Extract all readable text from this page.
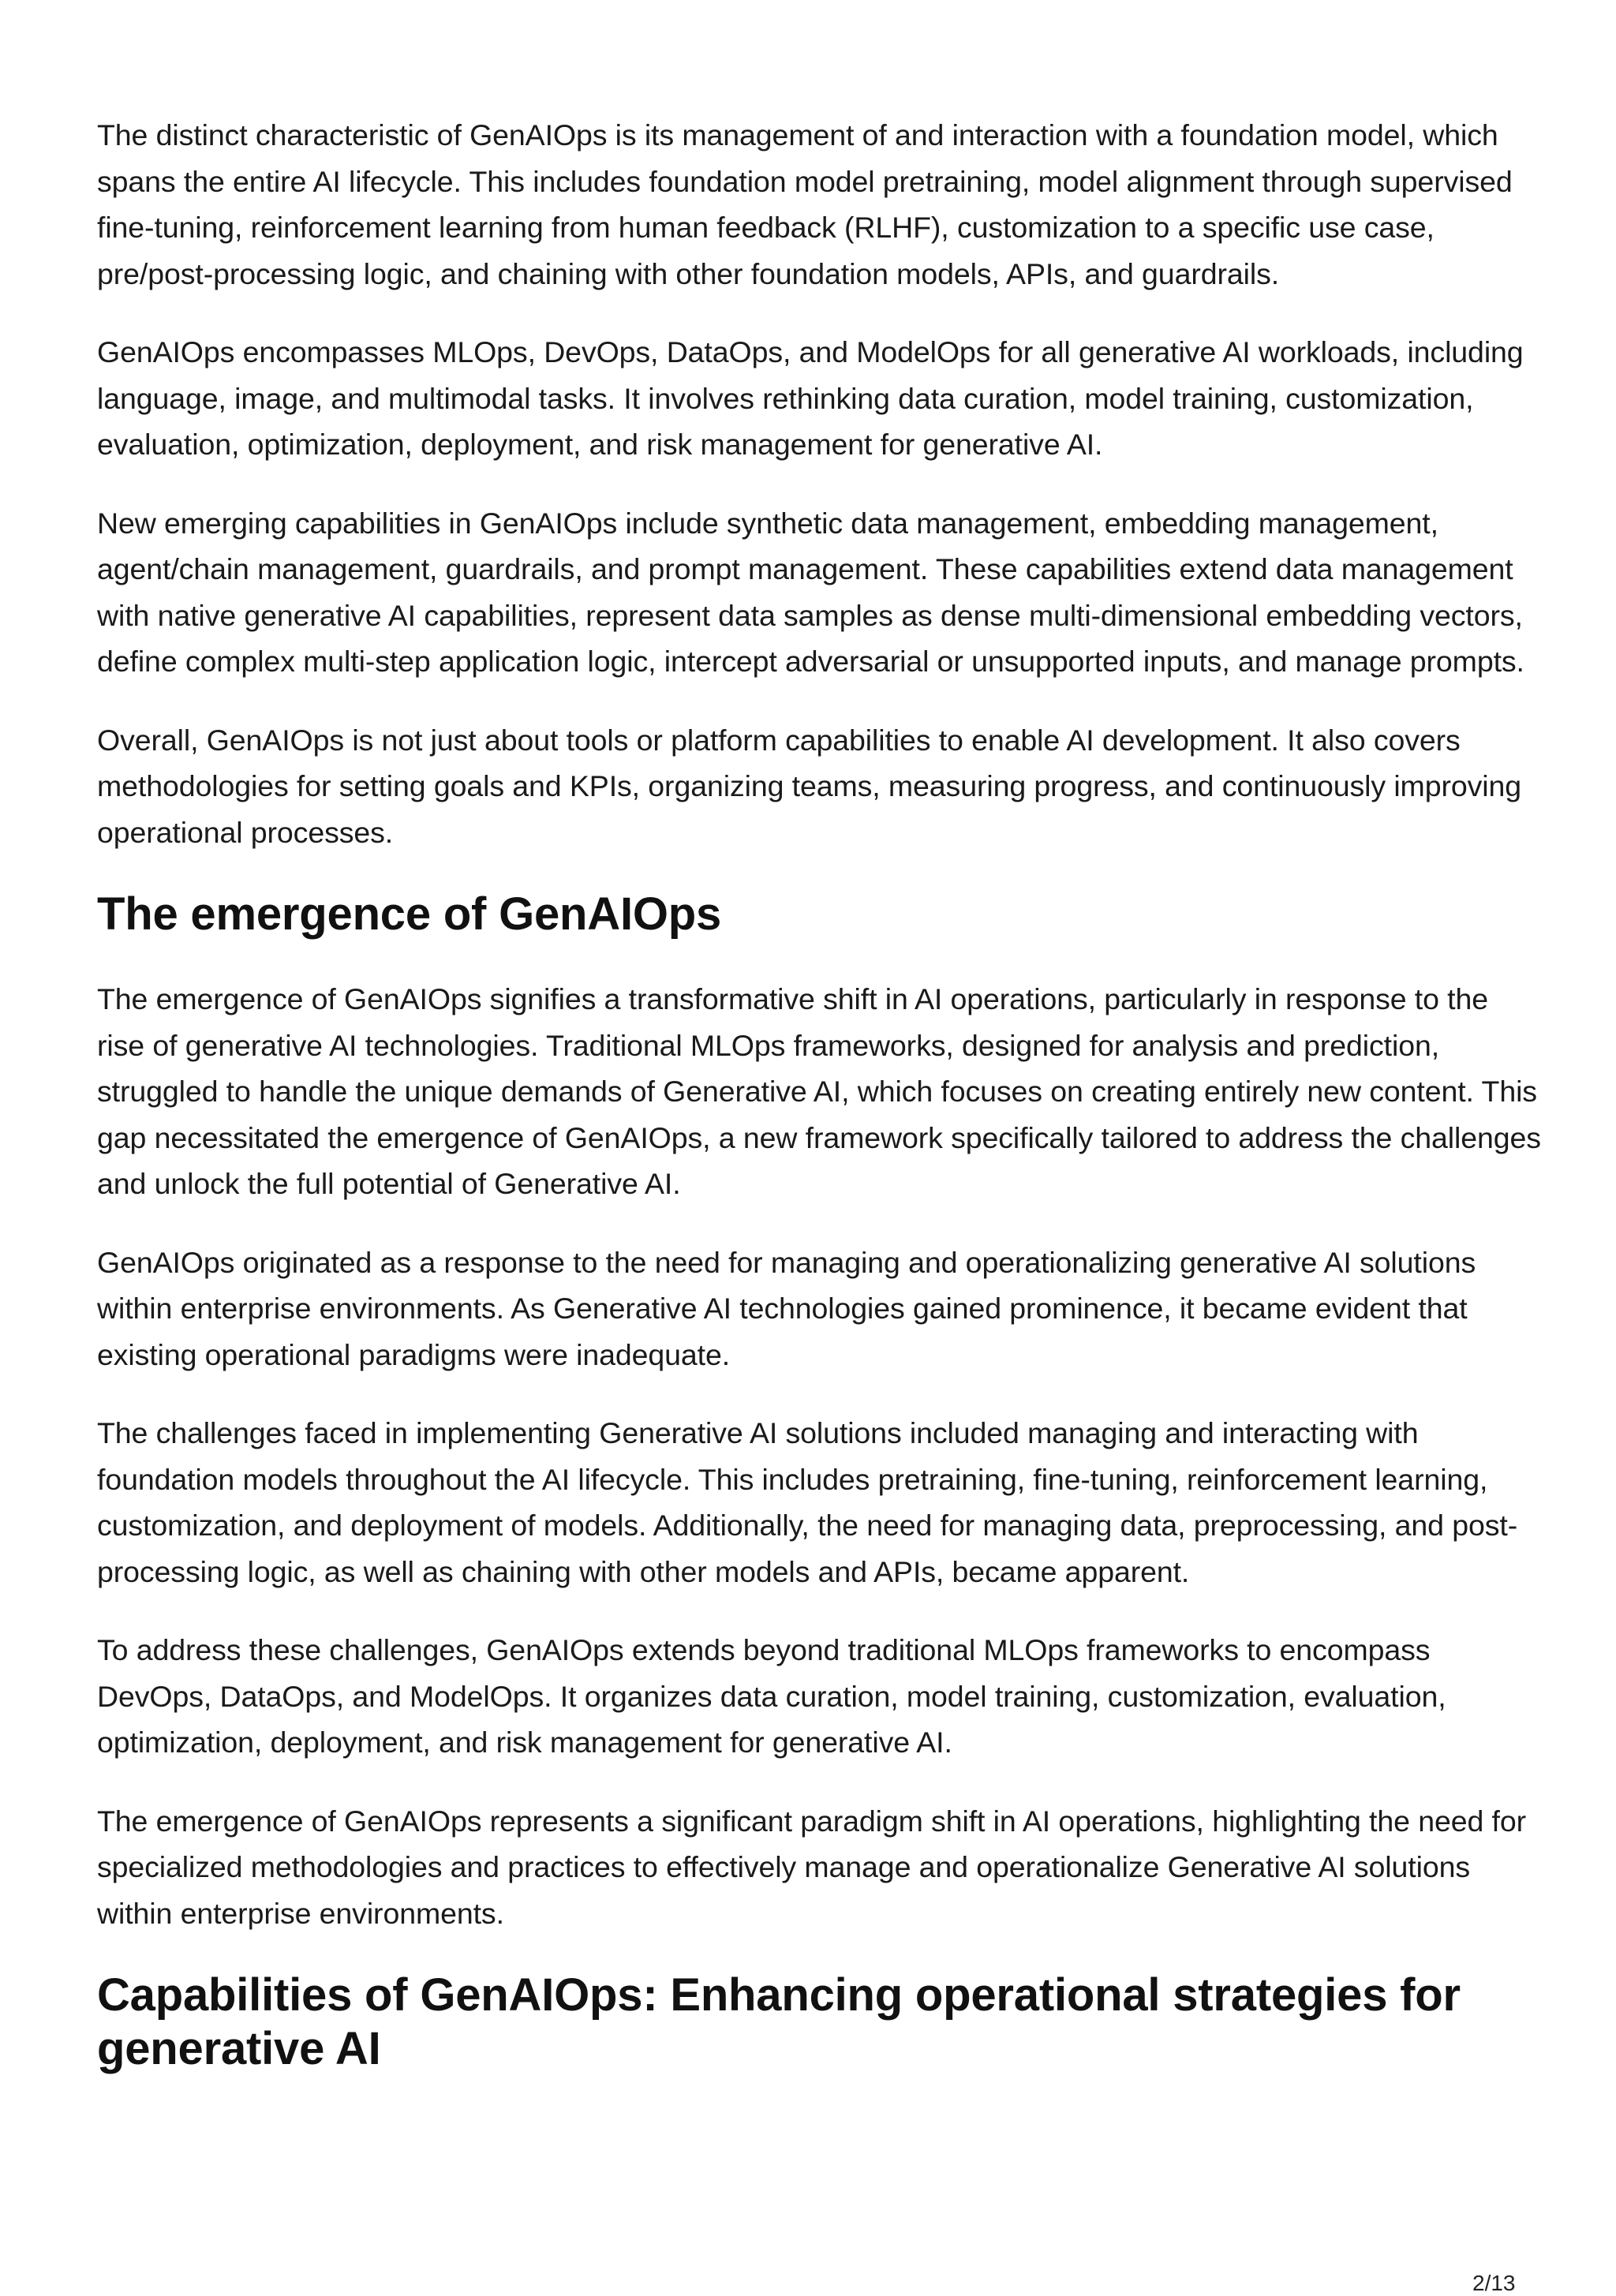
The distinct characteristic of GenAIOps is its management of and interaction with a foundation model, which spans the entire AI lifecycle. This includes foundation model pretraining, model alignment through supervised fine-tuning, reinforcement learning from human feedback (RLHF), customization to a specific use case, pre/post-processing logic, and chaining with other foundation models, APIs, and guardrails.

GenAIOps encompasses MLOps, DevOps, DataOps, and ModelOps for all generative AI workloads, including language, image, and multimodal tasks. It involves rethinking data curation, model training, customization, evaluation, optimization, deployment, and risk management for generative AI.

New emerging capabilities in GenAIOps include synthetic data management, embedding management, agent/chain management, guardrails, and prompt management. These capabilities extend data management with native generative AI capabilities, represent data samples as dense multi-dimensional embedding vectors, define complex multi-step application logic, intercept adversarial or unsupported inputs, and manage prompts.

Overall, GenAIOps is not just about tools or platform capabilities to enable AI development. It also covers methodologies for setting goals and KPIs, organizing teams, measuring progress, and continuously improving operational processes.

The emergence of GenAIOps

The emergence of GenAIOps signifies a transformative shift in AI operations, particularly in response to the rise of generative AI technologies. Traditional MLOps frameworks, designed for analysis and prediction, struggled to handle the unique demands of Generative AI, which focuses on creating entirely new content. This gap necessitated the emergence of GenAIOps, a new framework specifically tailored to address the challenges and unlock the full potential of Generative AI.

GenAIOps originated as a response to the need for managing and operationalizing generative AI solutions within enterprise environments. As Generative AI technologies gained prominence, it became evident that existing operational paradigms were inadequate.

The challenges faced in implementing Generative AI solutions included managing and interacting with foundation models throughout the AI lifecycle. This includes pretraining, fine-tuning, reinforcement learning, customization, and deployment of models. Additionally, the need for managing data, preprocessing, and post-processing logic, as well as chaining with other models and APIs, became apparent.

To address these challenges, GenAIOps extends beyond traditional MLOps frameworks to encompass DevOps, DataOps, and ModelOps. It organizes data curation, model training, customization, evaluation, optimization, deployment, and risk management for generative AI.

The emergence of GenAIOps represents a significant paradigm shift in AI operations, highlighting the need for specialized methodologies and practices to effectively manage and operationalize Generative AI solutions within enterprise environments.

Capabilities of GenAIOps: Enhancing operational strategies for generative AI
2/13
